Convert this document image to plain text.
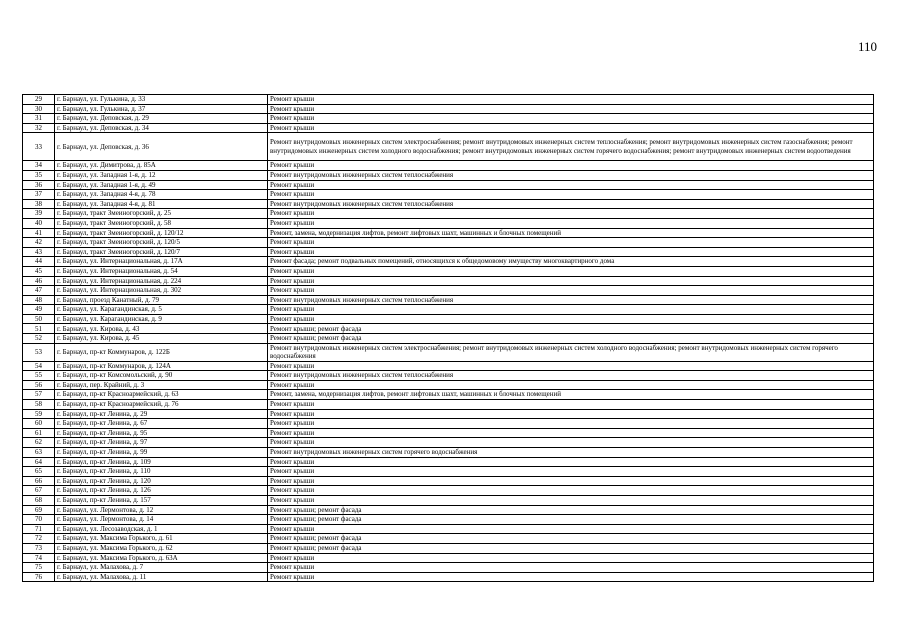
110
29	г. Барнаул, ул. Гулькина, д. 33	Ремонт крыши
30	г. Барнаул, ул. Гулькина, д. 37	Ремонт крыши
31	г. Барнаул, ул. Деповская, д. 29	Ремонт крыши
32	г. Барнаул, ул. Деповская, д. 34	Ремонт крыши
33	г. Барнаул, ул. Деповская, д. 36	Ремонт внутридомовых инженерных систем электроснабжения; ремонт внутридомовых инженерных систем теплоснабжения; ремонт внутридомовых инженерных систем газоснабжения; ремонт внутридомовых инженерных систем холодного водоснабжения; ремонт внутридомовых инженерных систем горячего водоснабжения; ремонт внутридомовых инженерных систем водоотведения
34	г. Барнаул, ул. Димитрова, д. 85А	Ремонт крыши
35	г. Барнаул, ул. Западная 1-я, д. 12	Ремонт внутридомовых инженерных систем теплоснабжения
36	г. Барнаул, ул. Западная 1-я, д. 49	Ремонт крыши
37	г. Барнаул, ул. Западная 4-я, д. 78	Ремонт крыши
38	г. Барнаул, ул. Западная 4-я, д. 81	Ремонт внутридомовых инженерных систем теплоснабжения
39	г. Барнаул, тракт Змеиногорский, д. 25	Ремонт крыши
40	г. Барнаул, тракт Змеиногорский, д. 58	Ремонт крыши
41	г. Барнаул, тракт Змеиногорский, д. 120/12	Ремонт, замена, модернизация лифтов, ремонт лифтовых шахт, машинных и блочных помещений
42	г. Барнаул, тракт Змеиногорский, д. 120/5	Ремонт крыши
43	г. Барнаул, тракт Змеиногорский, д. 120/7	Ремонт крыши
44	г. Барнаул, ул. Интернациональная, д. 17А	Ремонт фасада; ремонт подвальных помещений, относящихся к общедомовому имуществу многоквартирного дома
45	г. Барнаул, ул. Интернациональная, д. 54	Ремонт крыши
46	г. Барнаул, ул. Интернациональная, д. 224	Ремонт крыши
47	г. Барнаул, ул. Интернациональная, д. 302	Ремонт крыши
48	г. Барнаул, проезд Канатный, д. 79	Ремонт внутридомовых инженерных систем теплоснабжения
49	г. Барнаул, ул. Карагандинская, д. 5	Ремонт крыши
50	г. Барнаул, ул. Карагандинская, д. 9	Ремонт крыши
51	г. Барнаул, ул. Кирова, д. 43	Ремонт крыши; ремонт фасада
52	г. Барнаул, ул. Кирова, д. 45	Ремонт крыши; ремонт фасада
53	г. Барнаул, пр-кт Коммунаров, д. 122Б	Ремонт внутридомовых инженерных систем электроснабжения; ремонт внутридомовых инженерных систем холодного водоснабжения; ремонт внутридомовых инженерных систем горячего водоснабжения
54	г. Барнаул, пр-кт Коммунаров, д. 124А	Ремонт крыши
55	г. Барнаул, пр-кт Комсомольский, д. 90	Ремонт внутридомовых инженерных систем теплоснабжения
56	г. Барнаул, пер. Крайний, д. 3	Ремонт крыши
57	г. Барнаул, пр-кт Красноармейский, д. 63	Ремонт, замена, модернизация лифтов, ремонт лифтовых шахт, машинных и блочных помещений
58	г. Барнаул, пр-кт Красноармейский, д. 76	Ремонт крыши
59	г. Барнаул, пр-кт Ленина, д. 29	Ремонт крыши
60	г. Барнаул, пр-кт Ленина, д. 67	Ремонт крыши
61	г. Барнаул, пр-кт Ленина, д. 95	Ремонт крыши
62	г. Барнаул, пр-кт Ленина, д. 97	Ремонт крыши
63	г. Барнаул, пр-кт Ленина, д. 99	Ремонт внутридомовых инженерных систем горячего водоснабжения
64	г. Барнаул, пр-кт Ленина, д. 109	Ремонт крыши
65	г. Барнаул, пр-кт Ленина, д. 110	Ремонт крыши
66	г. Барнаул, пр-кт Ленина, д. 120	Ремонт крыши
67	г. Барнаул, пр-кт Ленина, д. 126	Ремонт крыши
68	г. Барнаул, пр-кт Ленина, д. 157	Ремонт крыши
69	г. Барнаул, ул. Лермонтова, д. 12	Ремонт крыши; ремонт фасада
70	г. Барнаул, ул. Лермонтова, д. 14	Ремонт крыши; ремонт фасада
71	г. Барнаул, ул. Лесозаводская, д. 1	Ремонт крыши
72	г. Барнаул, ул. Максима Горького, д. 61	Ремонт крыши; ремонт фасада
73	г. Барнаул, ул. Максима Горького, д. 62	Ремонт крыши; ремонт фасада
74	г. Барнаул, ул. Максима Горького, д. 63А	Ремонт крыши
75	г. Барнаул, ул. Малахова, д. 7	Ремонт крыши
76	г. Барнаул, ул. Малахова, д. 11	Ремонт крыши
